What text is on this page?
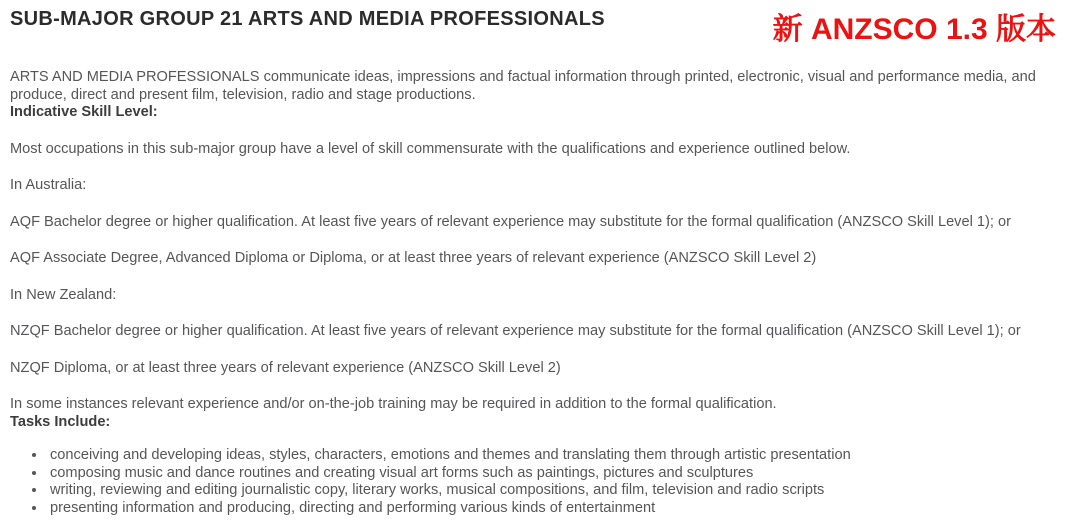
SUB-MAJOR GROUP 21 ARTS AND MEDIA PROFESSIONALS	新 ANZSCO 1.3 版本

ARTS AND MEDIA PROFESSIONALS communicate ideas, impressions and factual information through printed, electronic, visual and performance media, and produce, direct and present film, television, radio and stage productions.

Indicative Skill Level:

Most occupations in this sub-major group have a level of skill commensurate with the qualifications and experience outlined below.

In Australia:

AQF Bachelor degree or higher qualification. At least five years of relevant experience may substitute for the formal qualification (ANZSCO Skill Level 1); or

AQF Associate Degree, Advanced Diploma or Diploma, or at least three years of relevant experience (ANZSCO Skill Level 2)

In New Zealand:

NZQF Bachelor degree or higher qualification. At least five years of relevant experience may substitute for the formal qualification (ANZSCO Skill Level 1); or

NZQF Diploma, or at least three years of relevant experience (ANZSCO Skill Level 2)

In some instances relevant experience and/or on-the-job training may be required in addition to the formal qualification.

Tasks Include:

• conceiving and developing ideas, styles, characters, emotions and themes and translating them through artistic presentation
• composing music and dance routines and creating visual art forms such as paintings, pictures and sculptures
• writing, reviewing and editing journalistic copy, literary works, musical compositions, and film, television and radio scripts
• presenting information and producing, directing and performing various kinds of entertainment
